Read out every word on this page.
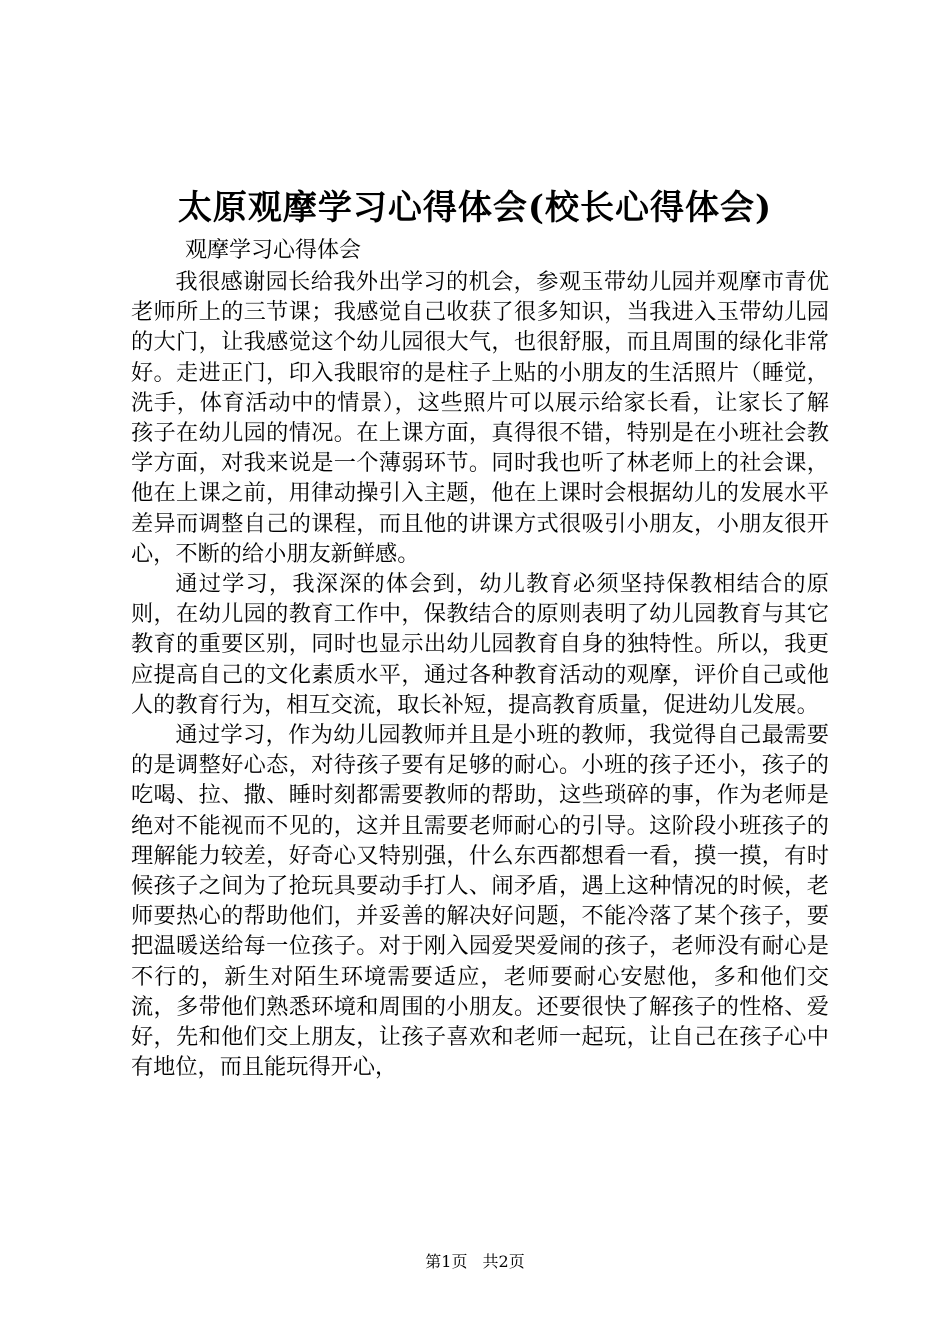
太原观摩学习心得体会(校长心得体会)
观摩学习心得体会

我很感谢园长给我外出学习的机会，参观玉带幼儿园并观摩市青优老师所上的三节课；我感觉自己收获了很多知识，当我进入玉带幼儿园的大门，让我感觉这个幼儿园很大气，也很舒服，而且周围的绿化非常好。走进正门，印入我眼帘的是柱子上贴的小朋友的生活照片（睡觉，洗手，体育活动中的情景），这些照片可以展示给家长看，让家长了解孩子在幼儿园的情况。在上课方面，真得很不错，特别是在小班社会教学方面，对我来说是一个薄弱环节。同时我也听了林老师上的社会课，他在上课之前，用律动操引入主题，他在上课时会根据幼儿的发展水平差异而调整自己的课程，而且他的讲课方式很吸引小朋友，小朋友很开心，不断的给小朋友新鲜感。

通过学习，我深深的体会到，幼儿教育必须坚持保教相结合的原则，在幼儿园的教育工作中，保教结合的原则表明了幼儿园教育与其它教育的重要区别，同时也显示出幼儿园教育自身的独特性。所以，我更应提高自己的文化素质水平，通过各种教育活动的观摩，评价自己或他人的教育行为，相互交流，取长补短，提高教育质量，促进幼儿发展。

通过学习，作为幼儿园教师并且是小班的教师，我觉得自己最需要的是调整好心态，对待孩子要有足够的耐心。小班的孩子还小，孩子的吃喝、拉、撒、睡时刻都需要教师的帮助，这些琐碎的事，作为老师是绝对不能视而不见的，这并且需要老师耐心的引导。这阶段小班孩子的理解能力较差，好奇心又特别强，什么东西都想看一看，摸一摸，有时候孩子之间为了抢玩具要动手打人、闹矛盾，遇上这种情况的时候，老师要热心的帮助他们，并妥善的解决好问题，不能冷落了某个孩子，要把温暖送给每一位孩子。对于刚入园爱哭爱闹的孩子，老师没有耐心是不行的，新生对陌生环境需要适应，老师要耐心安慰他，多和他们交流，多带他们熟悉环境和周围的小朋友。还要很快了解孩子的性格、爱好，先和他们交上朋友，让孩子喜欢和老师一起玩，让自己在孩子心中有地位，而且能玩得开心，

第1页 共2页
